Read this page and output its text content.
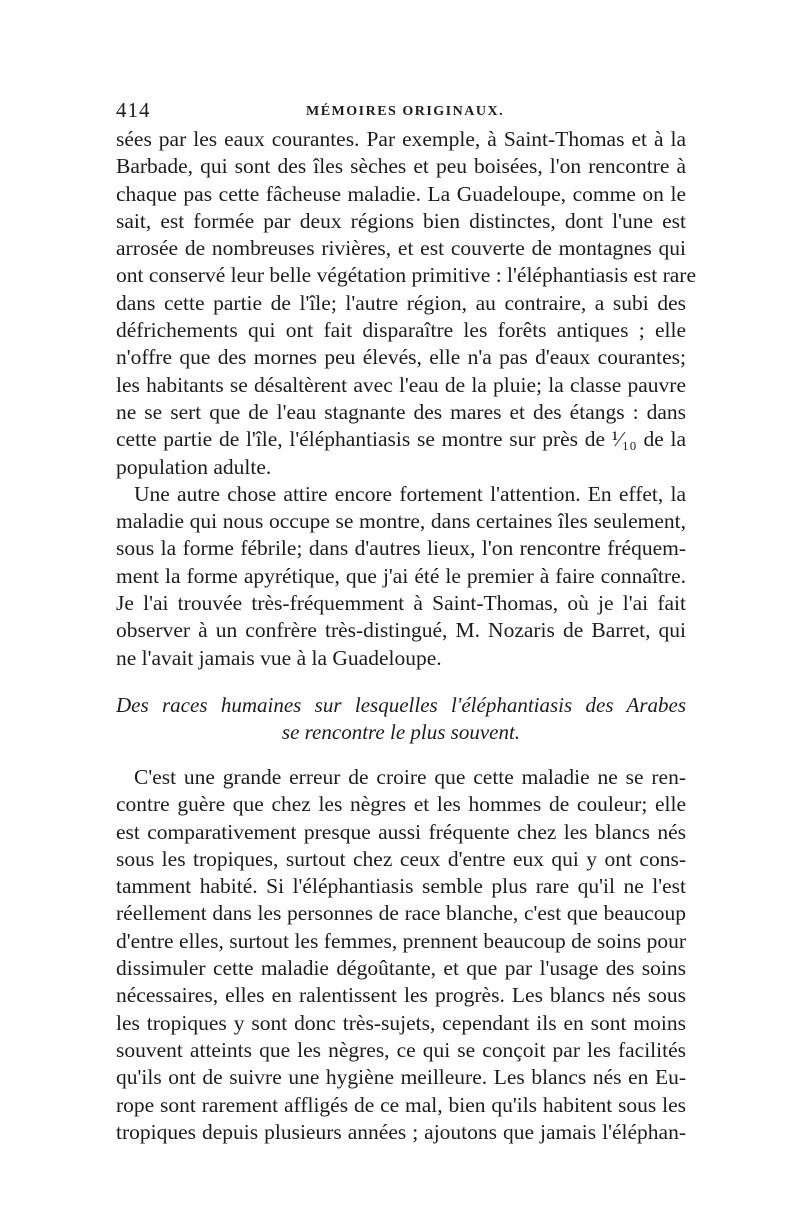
414	MÉMOIRES ORIGINAUX.
sées par les eaux courantes. Par exemple, à Saint-Thomas et à la
Barbade, qui sont des îles sèches et peu boisées, l'on rencontre à
chaque pas cette fâcheuse maladie. La Guadeloupe, comme on le
sait, est formée par deux régions bien distinctes, dont l'une est
arrosée de nombreuses rivières, et est couverte de montagnes qui
ont conservé leur belle végétation primitive : l'éléphantiasis est rare
dans cette partie de l'île; l'autre région, au contraire, a subi des
défrichements qui ont fait disparaître les forêts antiques ; elle
n'offre que des mornes peu élevés, elle n'a pas d'eaux courantes;
les habitants se désaltèrent avec l'eau de la pluie; la classe pauvre
ne se sert que de l'eau stagnante des mares et des étangs : dans
cette partie de l'île, l'éléphantiasis se montre sur près de ¹⁄₁₀ de la
population adulte.
Une autre chose attire encore fortement l'attention. En effet, la
maladie qui nous occupe se montre, dans certaines îles seulement,
sous la forme fébrile; dans d'autres lieux, l'on rencontre fréquem-
ment la forme apyrétique, que j'ai été le premier à faire connaître.
Je l'ai trouvée très-fréquemment à Saint-Thomas, où je l'ai fait
observer à un confrère très-distingué, M. Nozaris de Barret, qui
ne l'avait jamais vue à la Guadeloupe.
Des races humaines sur lesquelles l'éléphantiasis des Arabes
se rencontre le plus souvent.
C'est une grande erreur de croire que cette maladie ne se ren-
contre guère que chez les nègres et les hommes de couleur; elle
est comparativement presque aussi fréquente chez les blancs nés
sous les tropiques, surtout chez ceux d'entre eux qui y ont cons-
tamment habité. Si l'éléphantiasis semble plus rare qu'il ne l'est
réellement dans les personnes de race blanche, c'est que beaucoup
d'entre elles, surtout les femmes, prennent beaucoup de soins pour
dissimuler cette maladie dégoûtante, et que par l'usage des soins
nécessaires, elles en ralentissent les progrès. Les blancs nés sous
les tropiques y sont donc très-sujets, cependant ils en sont moins
souvent atteints que les nègres, ce qui se conçoit par les facilités
qu'ils ont de suivre une hygiène meilleure. Les blancs nés en Eu-
rope sont rarement affligés de ce mal, bien qu'ils habitent sous les
tropiques depuis plusieurs années ; ajoutons que jamais l'éléphan-
